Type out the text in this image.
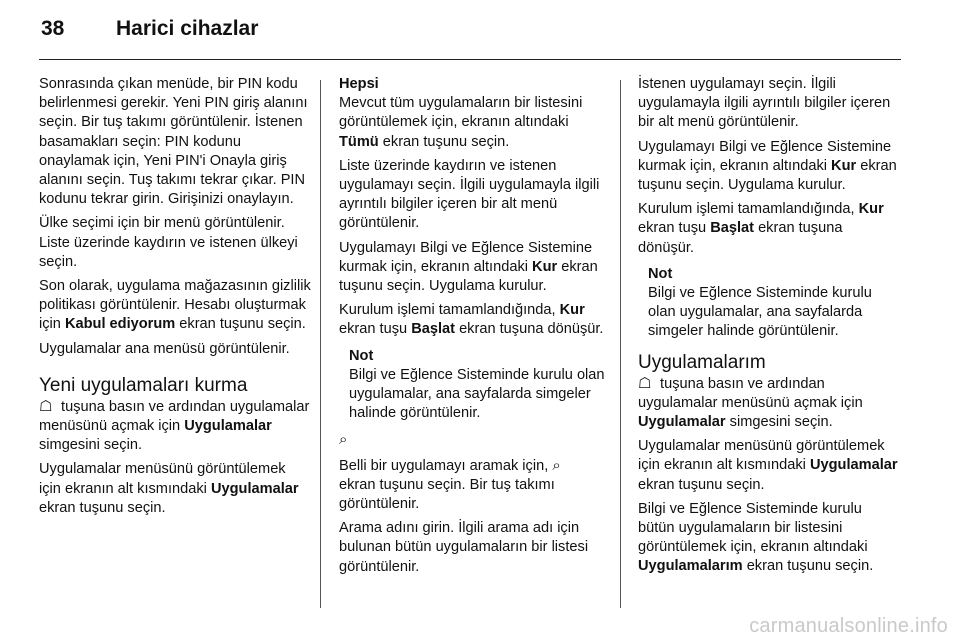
38	Harici cihazlar

Sonrasında çıkan menüde, bir PIN kodu belirlenmesi gerekir. Yeni PIN giriş alanını seçin. Bir tuş takımı görüntülenir. İstenen basamakları seçin: PIN kodunu onaylamak için, Yeni PIN'i Onayla giriş alanını seçin. Tuş takımı tekrar çıkar. PIN kodunu tekrar girin. Girişinizi onaylayın.

Ülke seçimi için bir menü görüntülenir. Liste üzerinde kaydırın ve istenen ülkeyi seçin.

Son olarak, uygulama mağazasının gizlilik politikası görüntülenir. Hesabı oluşturmak için Kabul ediyorum ekran tuşunu seçin.

Uygulamalar ana menüsü görüntülenir.

Yeni uygulamaları kurma

☖ tuşuna basın ve ardından uygulamalar menüsünü açmak için Uygulamalar simgesini seçin.

Uygulamalar menüsünü görüntülemek için ekranın alt kısmındaki Uygulamalar ekran tuşunu seçin.

Hepsi

Mevcut tüm uygulamaların bir listesini görüntülemek için, ekranın altındaki Tümü ekran tuşunu seçin.

Liste üzerinde kaydırın ve istenen uygulamayı seçin. İlgili uygulamayla ilgili ayrıntılı bilgiler içeren bir alt menü görüntülenir.

Uygulamayı Bilgi ve Eğlence Sistemine kurmak için, ekranın altındaki Kur ekran tuşunu seçin. Uygulama kurulur.

Kurulum işlemi tamamlandığında, Kur ekran tuşu Başlat ekran tuşuna dönüşür.

Not
Bilgi ve Eğlence Sisteminde kurulu olan uygulamalar, ana sayfalarda simgeler halinde görüntülenir.

⌕

Belli bir uygulamayı aramak için, ⌕ ekran tuşunu seçin. Bir tuş takımı görüntülenir.

Arama adını girin. İlgili arama adı için bulunan bütün uygulamaların bir listesi görüntülenir.

İstenen uygulamayı seçin. İlgili uygulamayla ilgili ayrıntılı bilgiler içeren bir alt menü görüntülenir.

Uygulamayı Bilgi ve Eğlence Sistemine kurmak için, ekranın altındaki Kur ekran tuşunu seçin. Uygulama kurulur.

Kurulum işlemi tamamlandığında, Kur ekran tuşu Başlat ekran tuşuna dönüşür.

Not
Bilgi ve Eğlence Sisteminde kurulu olan uygulamalar, ana sayfalarda simgeler halinde görüntülenir.
Uygulamalarım

☖ tuşuna basın ve ardından uygulamalar menüsünü açmak için Uygulamalar simgesini seçin.

Uygulamalar menüsünü görüntülemek için ekranın alt kısmındaki Uygulamalar ekran tuşunu seçin.

Bilgi ve Eğlence Sisteminde kurulu bütün uygulamaların bir listesini görüntülemek için, ekranın altındaki Uygulamalarım ekran tuşunu seçin.

carmanualsonline.info
